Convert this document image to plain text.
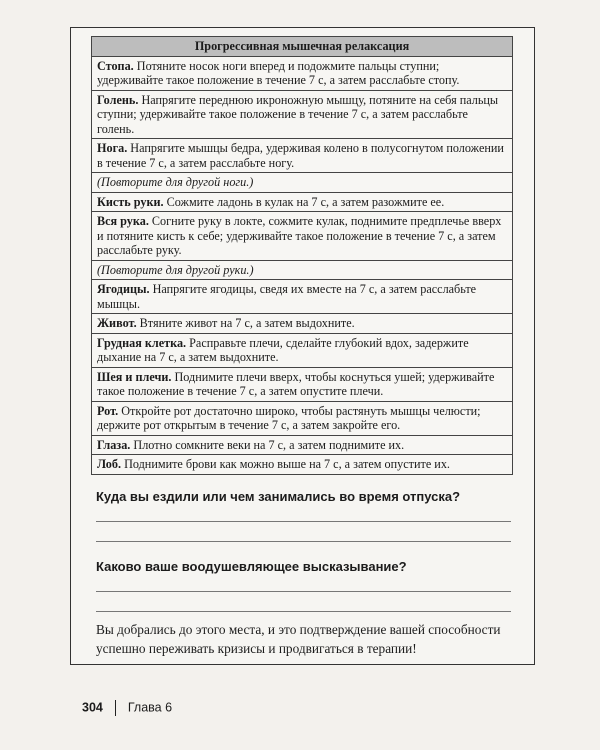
Прогрессивная мышечная релаксация
Стопа. Потяните носок ноги вперед и подожмите пальцы ступни; удерживайте такое положение в течение 7 с, а затем расслабьте стопу.
Голень. Напрягите переднюю икроножную мышцу, потяните на себя пальцы ступни; удерживайте такое положение в течение 7 с, а затем расслабьте голень.
Нога. Напрягите мышцы бедра, удерживая колено в полусогнутом положении в течение 7 с, а затем расслабьте ногу.
(Повторите для другой ноги.)
Кисть руки. Сожмите ладонь в кулак на 7 с, а затем разожмите ее.
Вся рука. Согните руку в локте, сожмите кулак, поднимите предплечье вверх и потяните кисть к себе; удерживайте такое положение в течение 7 с, а затем расслабьте руку.
(Повторите для другой руки.)
Ягодицы. Напрягите ягодицы, сведя их вместе на 7 с, а затем расслабьте мышцы.
Живот. Втяните живот на 7 с, а затем выдохните.
Грудная клетка. Расправьте плечи, сделайте глубокий вдох, задержите дыхание на 7 с, а затем выдохните.
Шея и плечи. Поднимите плечи вверх, чтобы коснуться ушей; удерживайте такое положение в течение 7 с, а затем опустите плечи.
Рот. Откройте рот достаточно широко, чтобы растянуть мышцы челюсти; держите рот открытым в течение 7 с, а затем закройте его.
Глаза. Плотно сомкните веки на 7 с, а затем поднимите их.
Лоб. Поднимите брови как можно выше на 7 с, а затем опустите их.

Куда вы ездили или чем занимались во время отпуска?

Каково ваше воодушевляющее высказывание?

Вы добрались до этого места, и это подтверждение вашей способности успешно переживать кризисы и продвигаться в терапии!
304 Глава 6
